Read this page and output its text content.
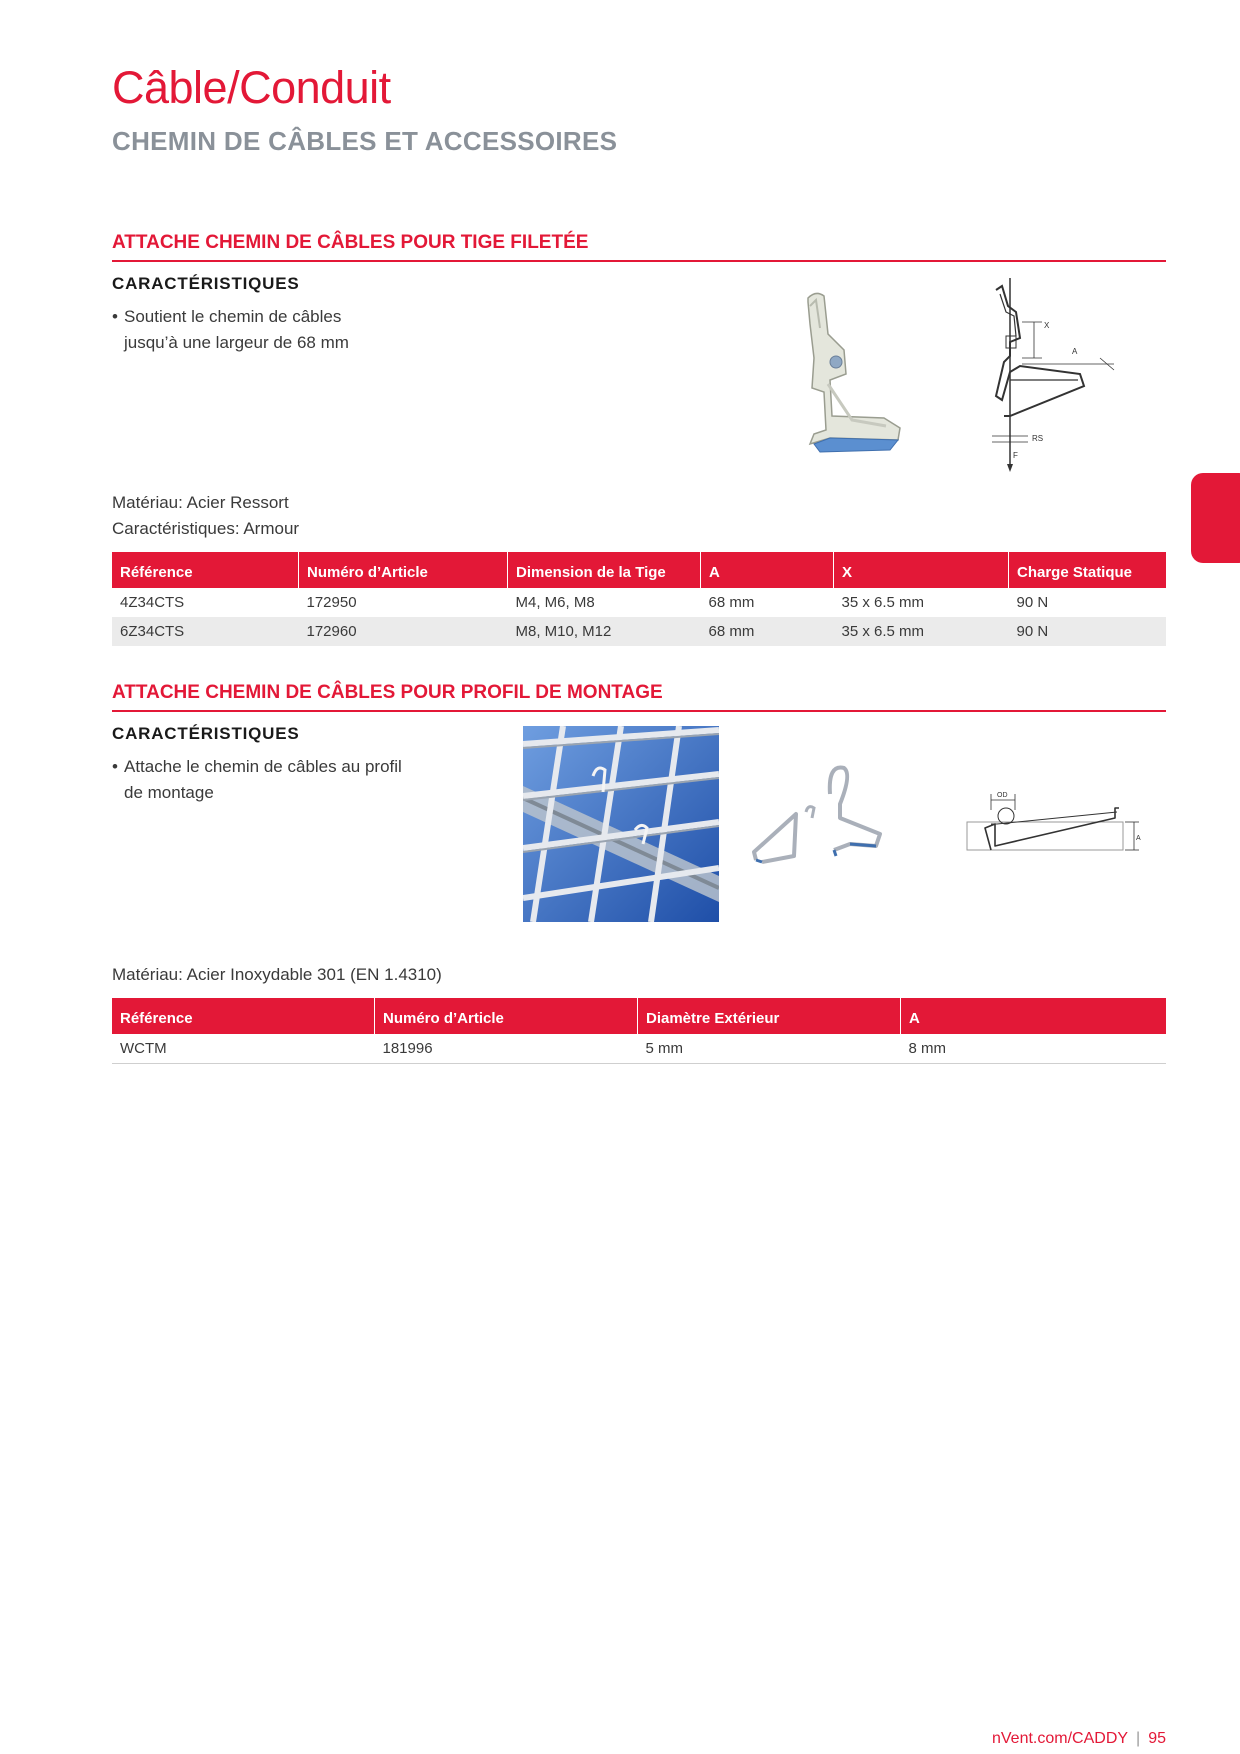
Câble/Conduit
CHEMIN DE CÂBLES ET ACCESSOIRES
ATTACHE CHEMIN DE CÂBLES POUR TIGE FILETÉE
CARACTÉRISTIQUES
• Soutient le chemin de câbles
jusqu’à une largeur de 68 mm
X
A
RS
F
Matériau: Acier Ressort
Caractéristiques: Armour
Référence	Numéro d’Article	Dimension de la Tige	A	X	Charge Statique
4Z34CTS	172950	M4, M6, M8	68 mm	35 x 6.5 mm	90 N
6Z34CTS	172960	M8, M10, M12	68 mm	35 x 6.5 mm	90 N
ATTACHE CHEMIN DE CÂBLES POUR PROFIL DE MONTAGE
CARACTÉRISTIQUES
• Attache le chemin de câbles au profil
de montage	OD
A
Matériau: Acier Inoxydable 301 (EN 1.4310)
Référence	Numéro d’Article	Diamètre Extérieur	A
WCTM	181996	5 mm	8 mm
nVent.com/CADDY | 95
